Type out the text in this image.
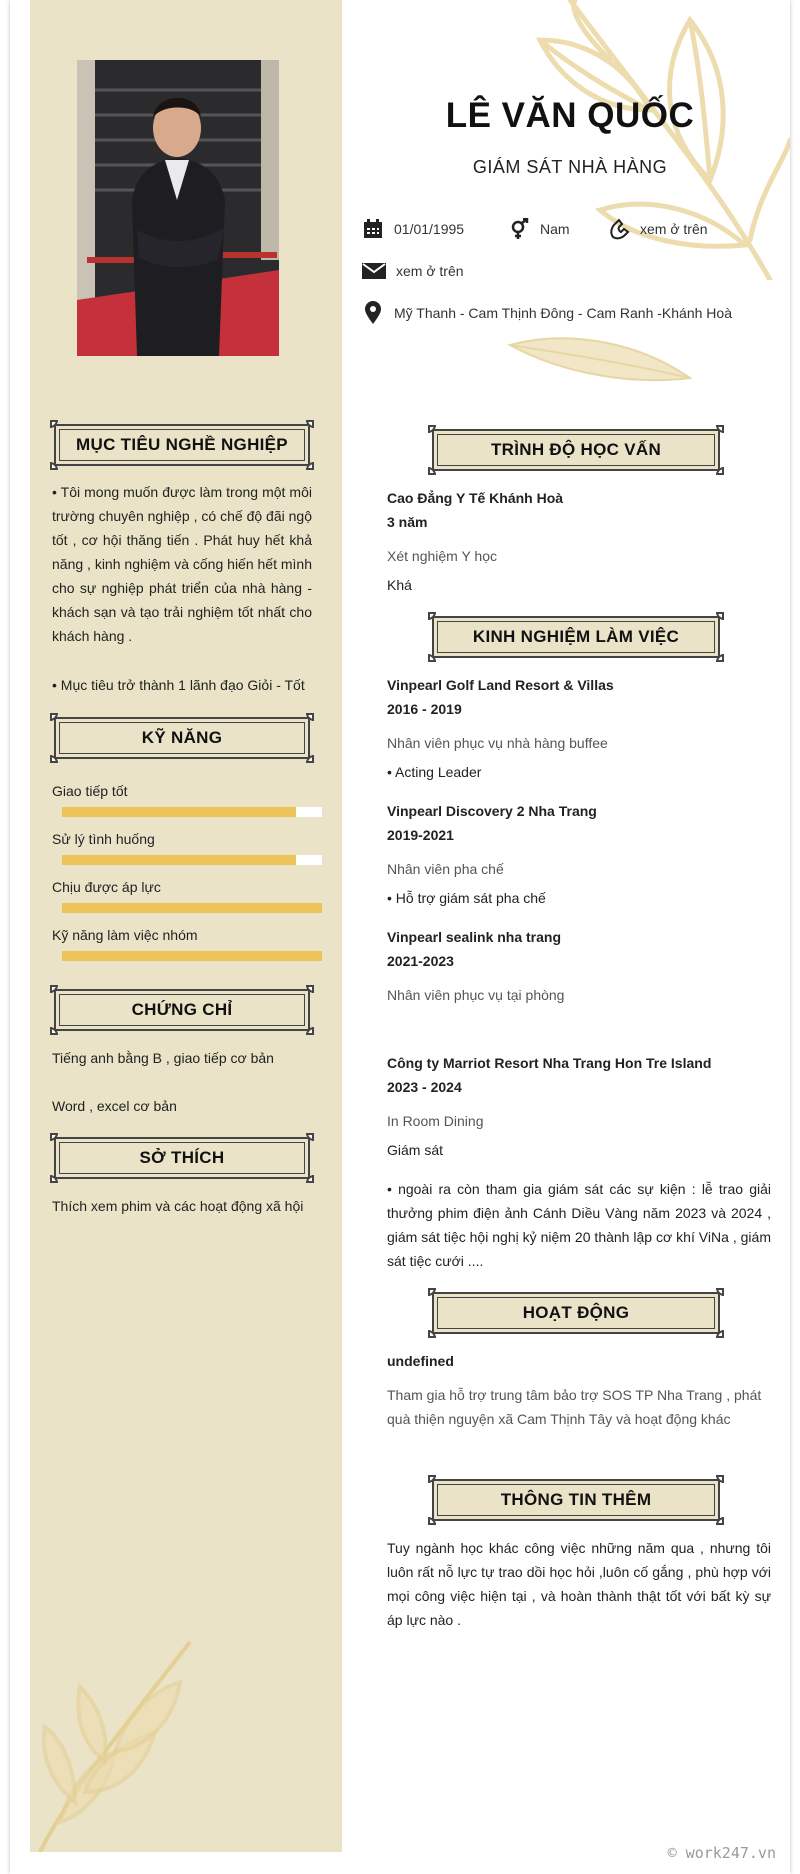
LÊ VĂN QUỐC
GIÁM SÁT NHÀ HÀNG
01/01/1995	Nam	xem ở trên
xem ở trên
Mỹ Thanh - Cam Thịnh Đông - Cam Ranh -Khánh Hoà
MỤC TIÊU NGHỀ NGHIỆP
• Tôi mong muốn được làm trong một môi trường chuyên nghiệp , có chế độ đãi ngộ tốt , cơ hội thăng tiến . Phát huy hết khả năng , kinh nghiệm và cống hiến hết mình cho sự nghiệp phát triển của nhà hàng - khách sạn và tạo trải nghiệm tốt nhất cho khách hàng .
• Mục tiêu trở thành 1 lãnh đạo Giỏi - Tốt
KỸ NĂNG
Giao tiếp tốt
Sử lý tình huống
Chịu được áp lực
Kỹ năng làm việc nhóm
CHỨNG CHỈ
Tiếng anh bằng B , giao tiếp cơ bản
Word , excel cơ bản
SỞ THÍCH
Thích xem phim và các hoạt động xã hội
TRÌNH ĐỘ HỌC VẤN
Cao Đẳng Y Tế Khánh Hoà
3 năm
Xét nghiệm Y học
Khá
KINH NGHIỆM LÀM VIỆC
Vinpearl Golf Land Resort & Villas
2016 - 2019
Nhân viên phục vụ nhà hàng buffee
• Acting Leader
Vinpearl Discovery 2 Nha Trang
2019-2021
Nhân viên pha chế
• Hỗ trợ giám sát pha chế
Vinpearl sealink nha trang
2021-2023
Nhân viên phục vụ tại phòng
Công ty Marriot Resort Nha Trang Hon Tre Island
2023 - 2024
In Room Dining
Giám sát
• ngoài ra còn tham gia giám sát các sự kiện : lễ trao giải thưởng phim điện ảnh Cánh Diều Vàng năm 2023 và 2024 , giám sát tiệc hội nghị kỷ niệm 20 thành lập cơ khí ViNa , giám sát tiệc cưới ....
HOẠT ĐỘNG
undefined
Tham gia hỗ trợ trung tâm bảo trợ SOS TP Nha Trang , phát quà thiện nguyện xã Cam Thịnh Tây và hoạt động khác
THÔNG TIN THÊM
Tuy ngành học khác công việc những năm qua , nhưng tôi luôn rất nỗ lực tự trao dồi học hỏi ,luôn cố gắng , phù hợp với mọi công việc hiện tại , và hoàn thành thật tốt với bất kỳ sự áp lực nào .
© work247.vn
